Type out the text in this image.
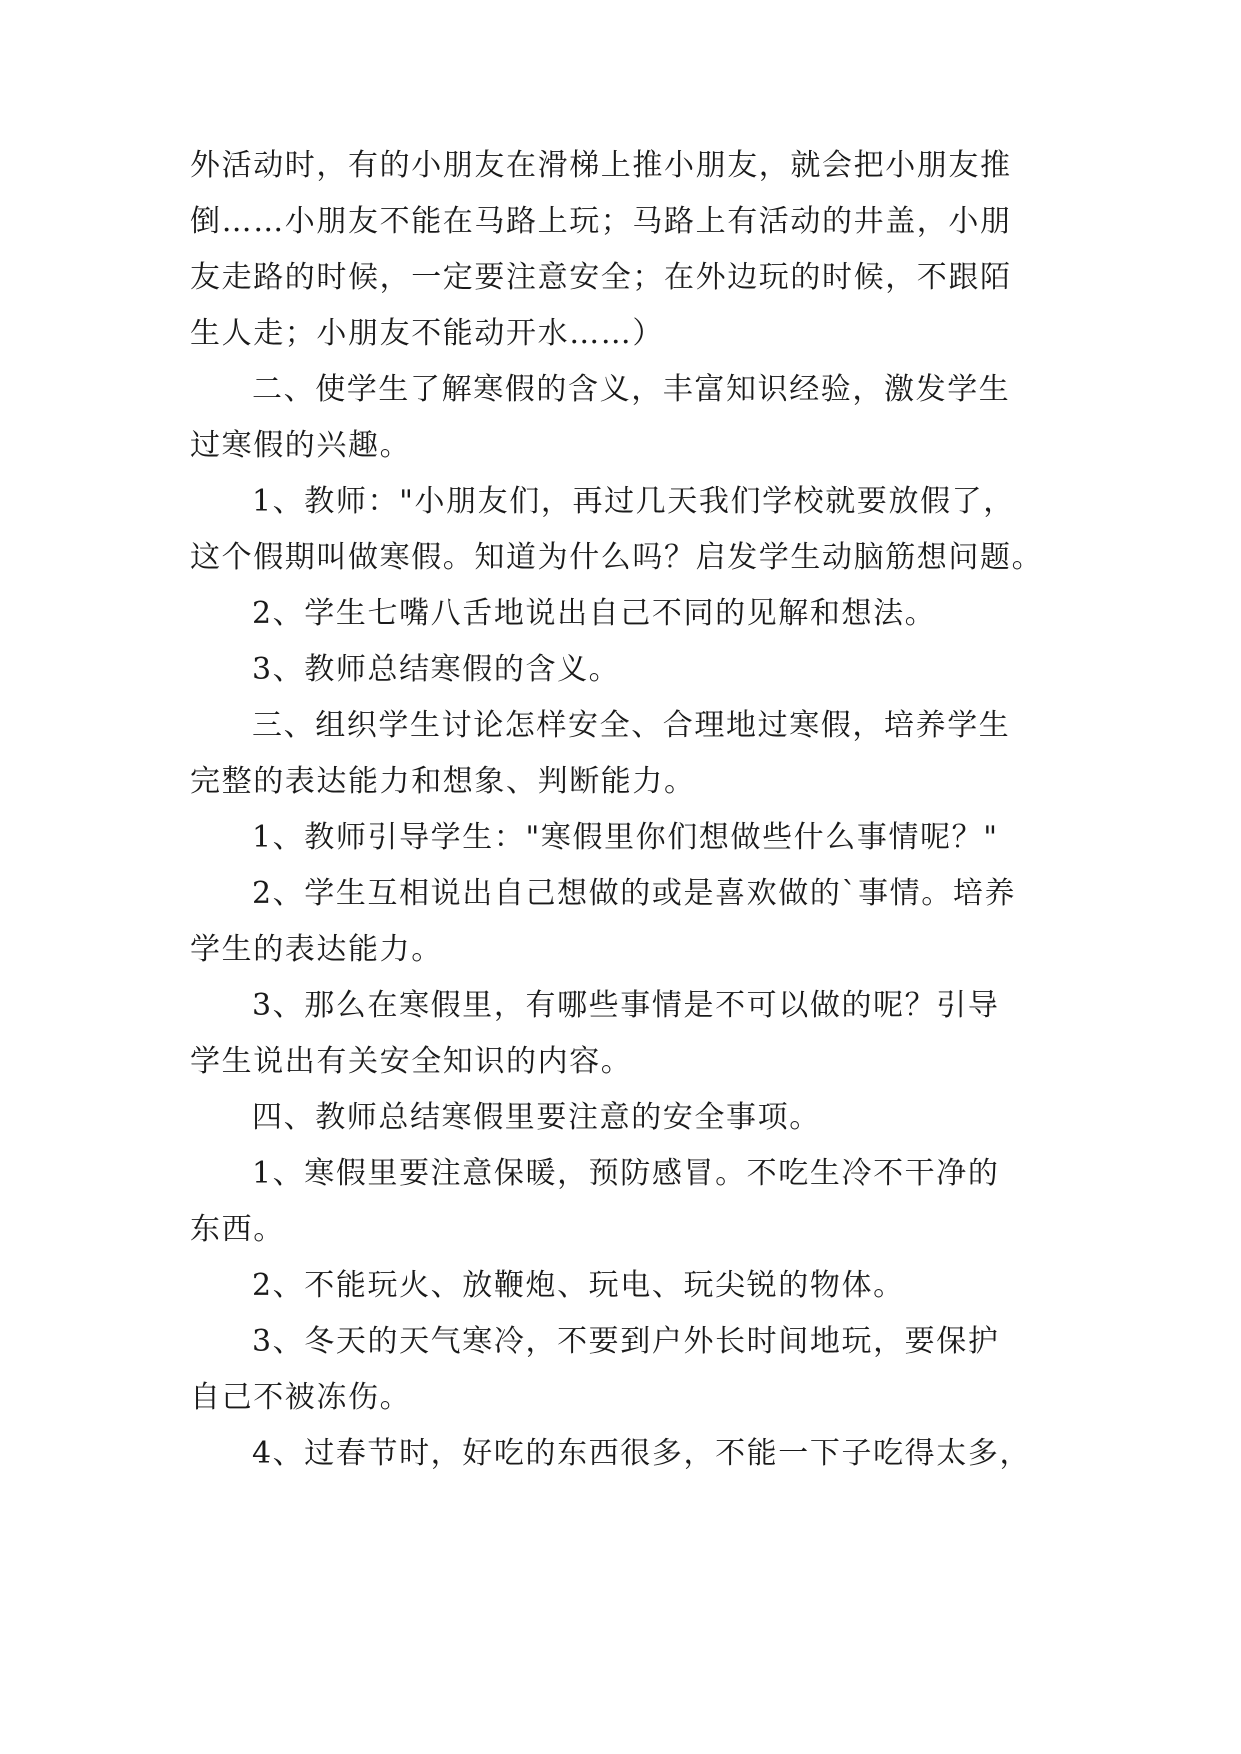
外活动时，有的小朋友在滑梯上推小朋友，就会把小朋友推
倒……小朋友不能在马路上玩；马路上有活动的井盖，小朋
友走路的时候，一定要注意安全；在外边玩的时候，不跟陌
生人走；小朋友不能动开水……）
二、使学生了解寒假的含义，丰富知识经验，激发学生
过寒假的兴趣。
1、教师："小朋友们，再过几天我们学校就要放假了，
这个假期叫做寒假。知道为什么吗？启发学生动脑筋想问题。
2、学生七嘴八舌地说出自己不同的见解和想法。
3、教师总结寒假的含义。
三、组织学生讨论怎样安全、合理地过寒假，培养学生
完整的表达能力和想象、判断能力。
1、教师引导学生："寒假里你们想做些什么事情呢？"
2、学生互相说出自己想做的或是喜欢做的`事情。培养
学生的表达能力。
3、那么在寒假里，有哪些事情是不可以做的呢？引导
学生说出有关安全知识的内容。
四、教师总结寒假里要注意的安全事项。
1、寒假里要注意保暖，预防感冒。不吃生冷不干净的
东西。
2、不能玩火、放鞭炮、玩电、玩尖锐的物体。
3、冬天的天气寒冷，不要到户外长时间地玩，要保护
自己不被冻伤。
4、过春节时，好吃的东西很多，不能一下子吃得太多，
